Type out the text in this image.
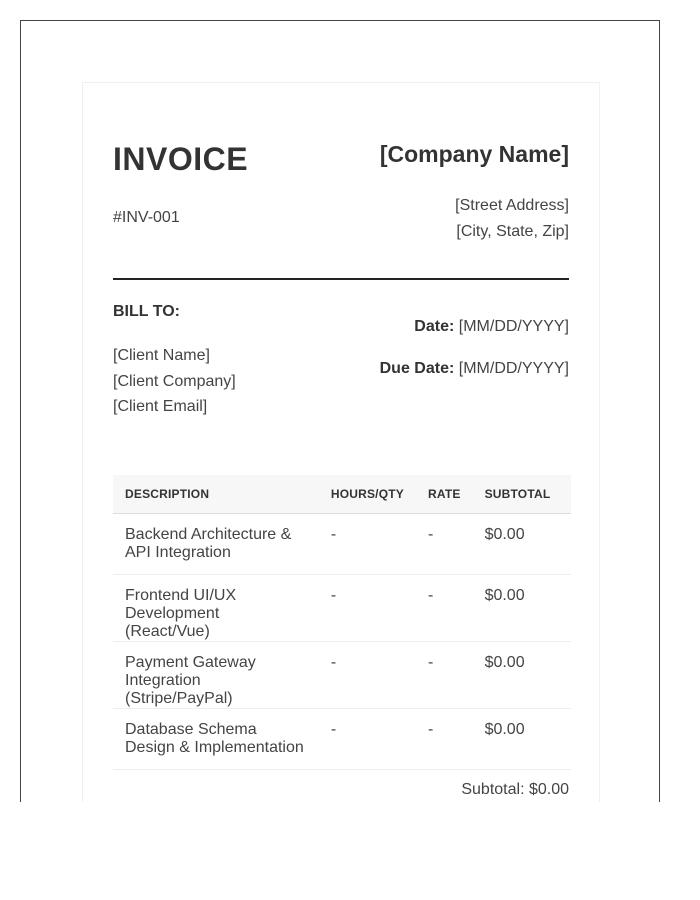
INVOICE
#INV-001
[Company Name]
[Street Address]
[City, State, Zip]
BILL TO:
[Client Name]
[Client Company]
[Client Email]
Date: [MM/DD/YYYY]
Due Date: [MM/DD/YYYY]
DESCRIPTION	HOURS/QTY	RATE	SUBTOTAL
Backend Architecture & API Integration	-	-	$0.00
Frontend UI/UX Development (React/Vue)	-	-	$0.00
Payment Gateway Integration (Stripe/PayPal)	-	-	$0.00
Database Schema Design & Implementation	-	-	$0.00
Subtotal: $0.00
